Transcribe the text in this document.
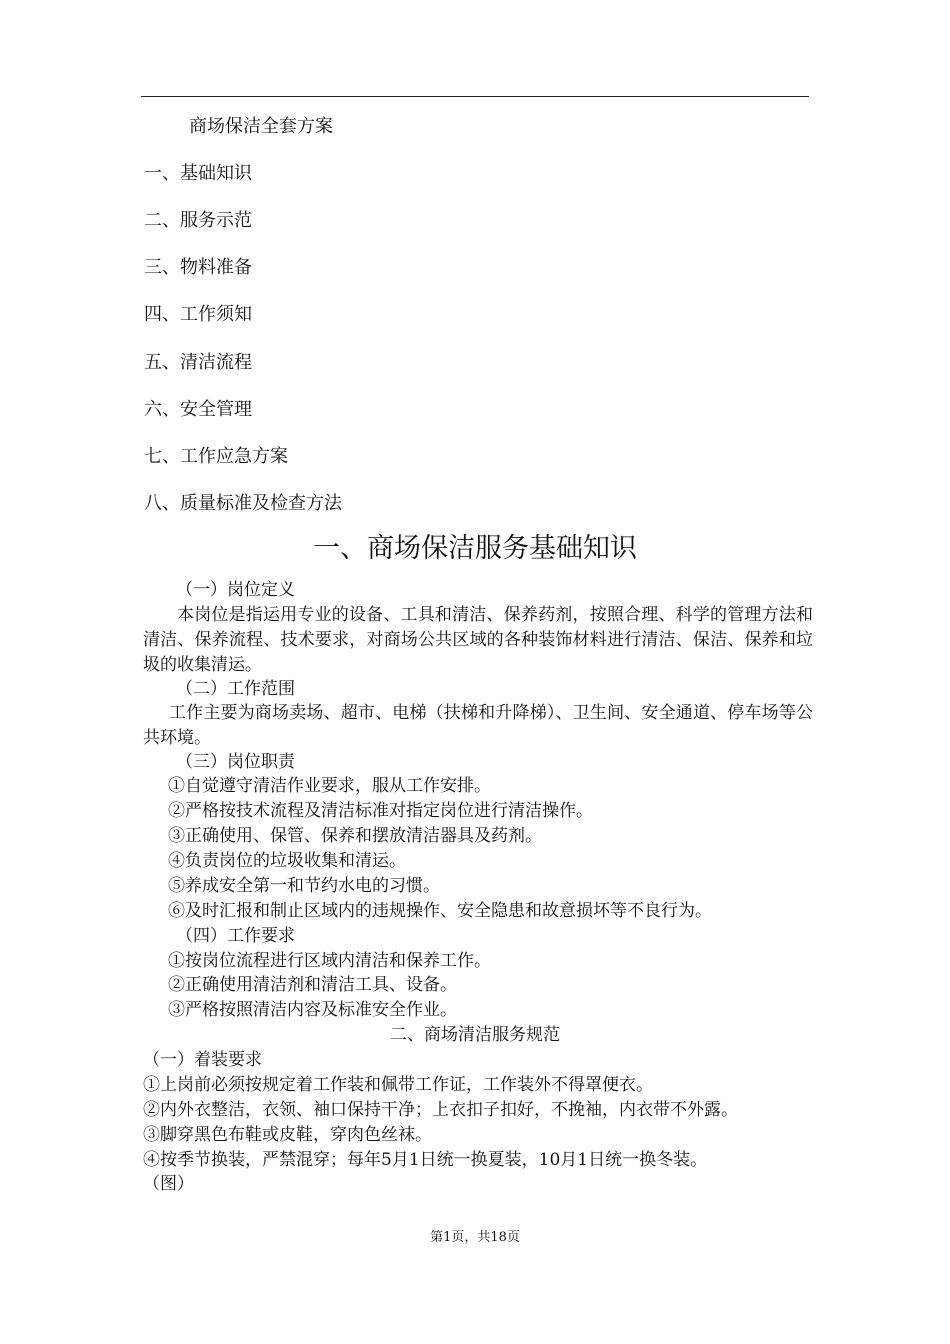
商场保洁全套方案
一、基础知识
二、服务示范
三、物料准备
四、工作须知
五、清洁流程
六、安全管理
七、工作应急方案
八、质量标准及检查方法
一、商场保洁服务基础知识
（一）岗位定义
本岗位是指运用专业的设备、工具和清洁、保养药剂，按照合理、科学的管理方法和清洁、保养流程、技术要求，对商场公共区域的各种装饰材料进行清洁、保洁、保养和垃圾的收集清运。
（二）工作范围
工作主要为商场卖场、超市、电梯（扶梯和升降梯）、卫生间、安全通道、停车场等公共环境。
（三）岗位职责
①自觉遵守清洁作业要求，服从工作安排。
②严格按技术流程及清洁标准对指定岗位进行清洁操作。
③正确使用、保管、保养和摆放清洁器具及药剂。
④负责岗位的垃圾收集和清运。
⑤养成安全第一和节约水电的习惯。
⑥及时汇报和制止区域内的违规操作、安全隐患和故意损坏等不良行为。
（四）工作要求
①按岗位流程进行区域内清洁和保养工作。
②正确使用清洁剂和清洁工具、设备。
③严格按照清洁内容及标准安全作业。
二、商场清洁服务规范
（一）着装要求
①上岗前必须按规定着工作装和佩带工作证，工作装外不得罩便衣。
②内外衣整洁，衣领、袖口保持干净；上衣扣子扣好，不挽袖，内衣带不外露。
③脚穿黑色布鞋或皮鞋，穿肉色丝袜。
④按季节换装，严禁混穿；每年5月1日统一换夏装，10月1日统一换冬装。
（图）
第1页，共18页
